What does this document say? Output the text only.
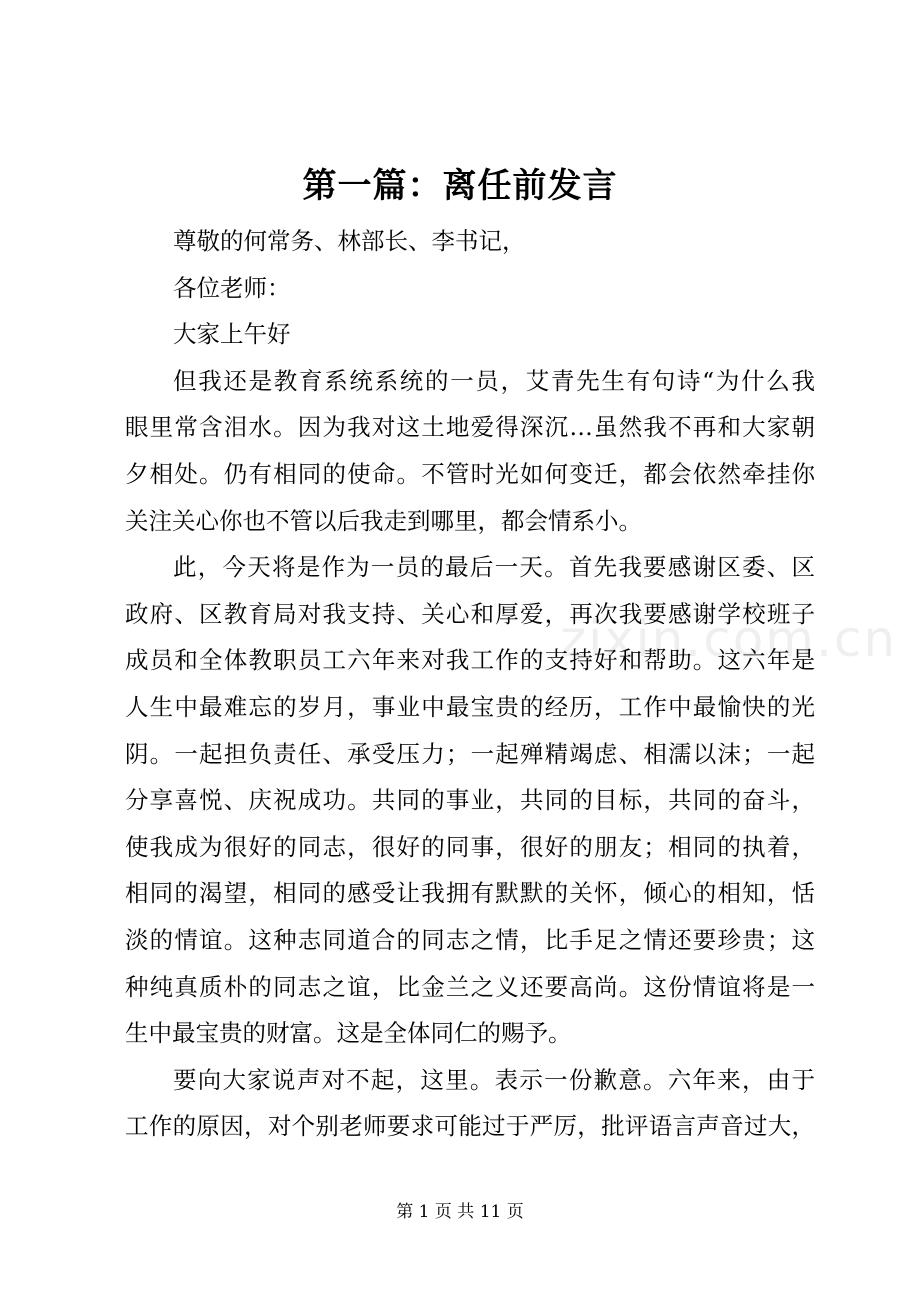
zixin.com.cn
第一篇：离任前发言
尊敬的何常务、林部长、李书记，
各位老师：
大家上午好
但我还是教育系统系统的一员，艾青先生有句诗“为什么我
眼里常含泪水。因为我对这土地爱得深沉…虽然我不再和大家朝
夕相处。仍有相同的使命。不管时光如何变迁，都会依然牵挂你
关注关心你也不管以后我走到哪里，都会情系小。
此，今天将是作为一员的最后一天。首先我要感谢区委、区
政府、区教育局对我支持、关心和厚爱，再次我要感谢学校班子
成员和全体教职员工六年来对我工作的支持好和帮助。这六年是
人生中最难忘的岁月，事业中最宝贵的经历，工作中最愉快的光
阴。一起担负责任、承受压力；一起殚精竭虑、相濡以沫；一起
分享喜悦、庆祝成功。共同的事业，共同的目标，共同的奋斗，
使我成为很好的同志，很好的同事，很好的朋友；相同的执着，
相同的渴望，相同的感受让我拥有默默的关怀，倾心的相知，恬
淡的情谊。这种志同道合的同志之情，比手足之情还要珍贵；这
种纯真质朴的同志之谊，比金兰之义还要高尚。这份情谊将是一
生中最宝贵的财富。这是全体同仁的赐予。
要向大家说声对不起，这里。表示一份歉意。六年来，由于
工作的原因，对个别老师要求可能过于严厉，批评语言声音过大，
第 1 页 共 11 页
